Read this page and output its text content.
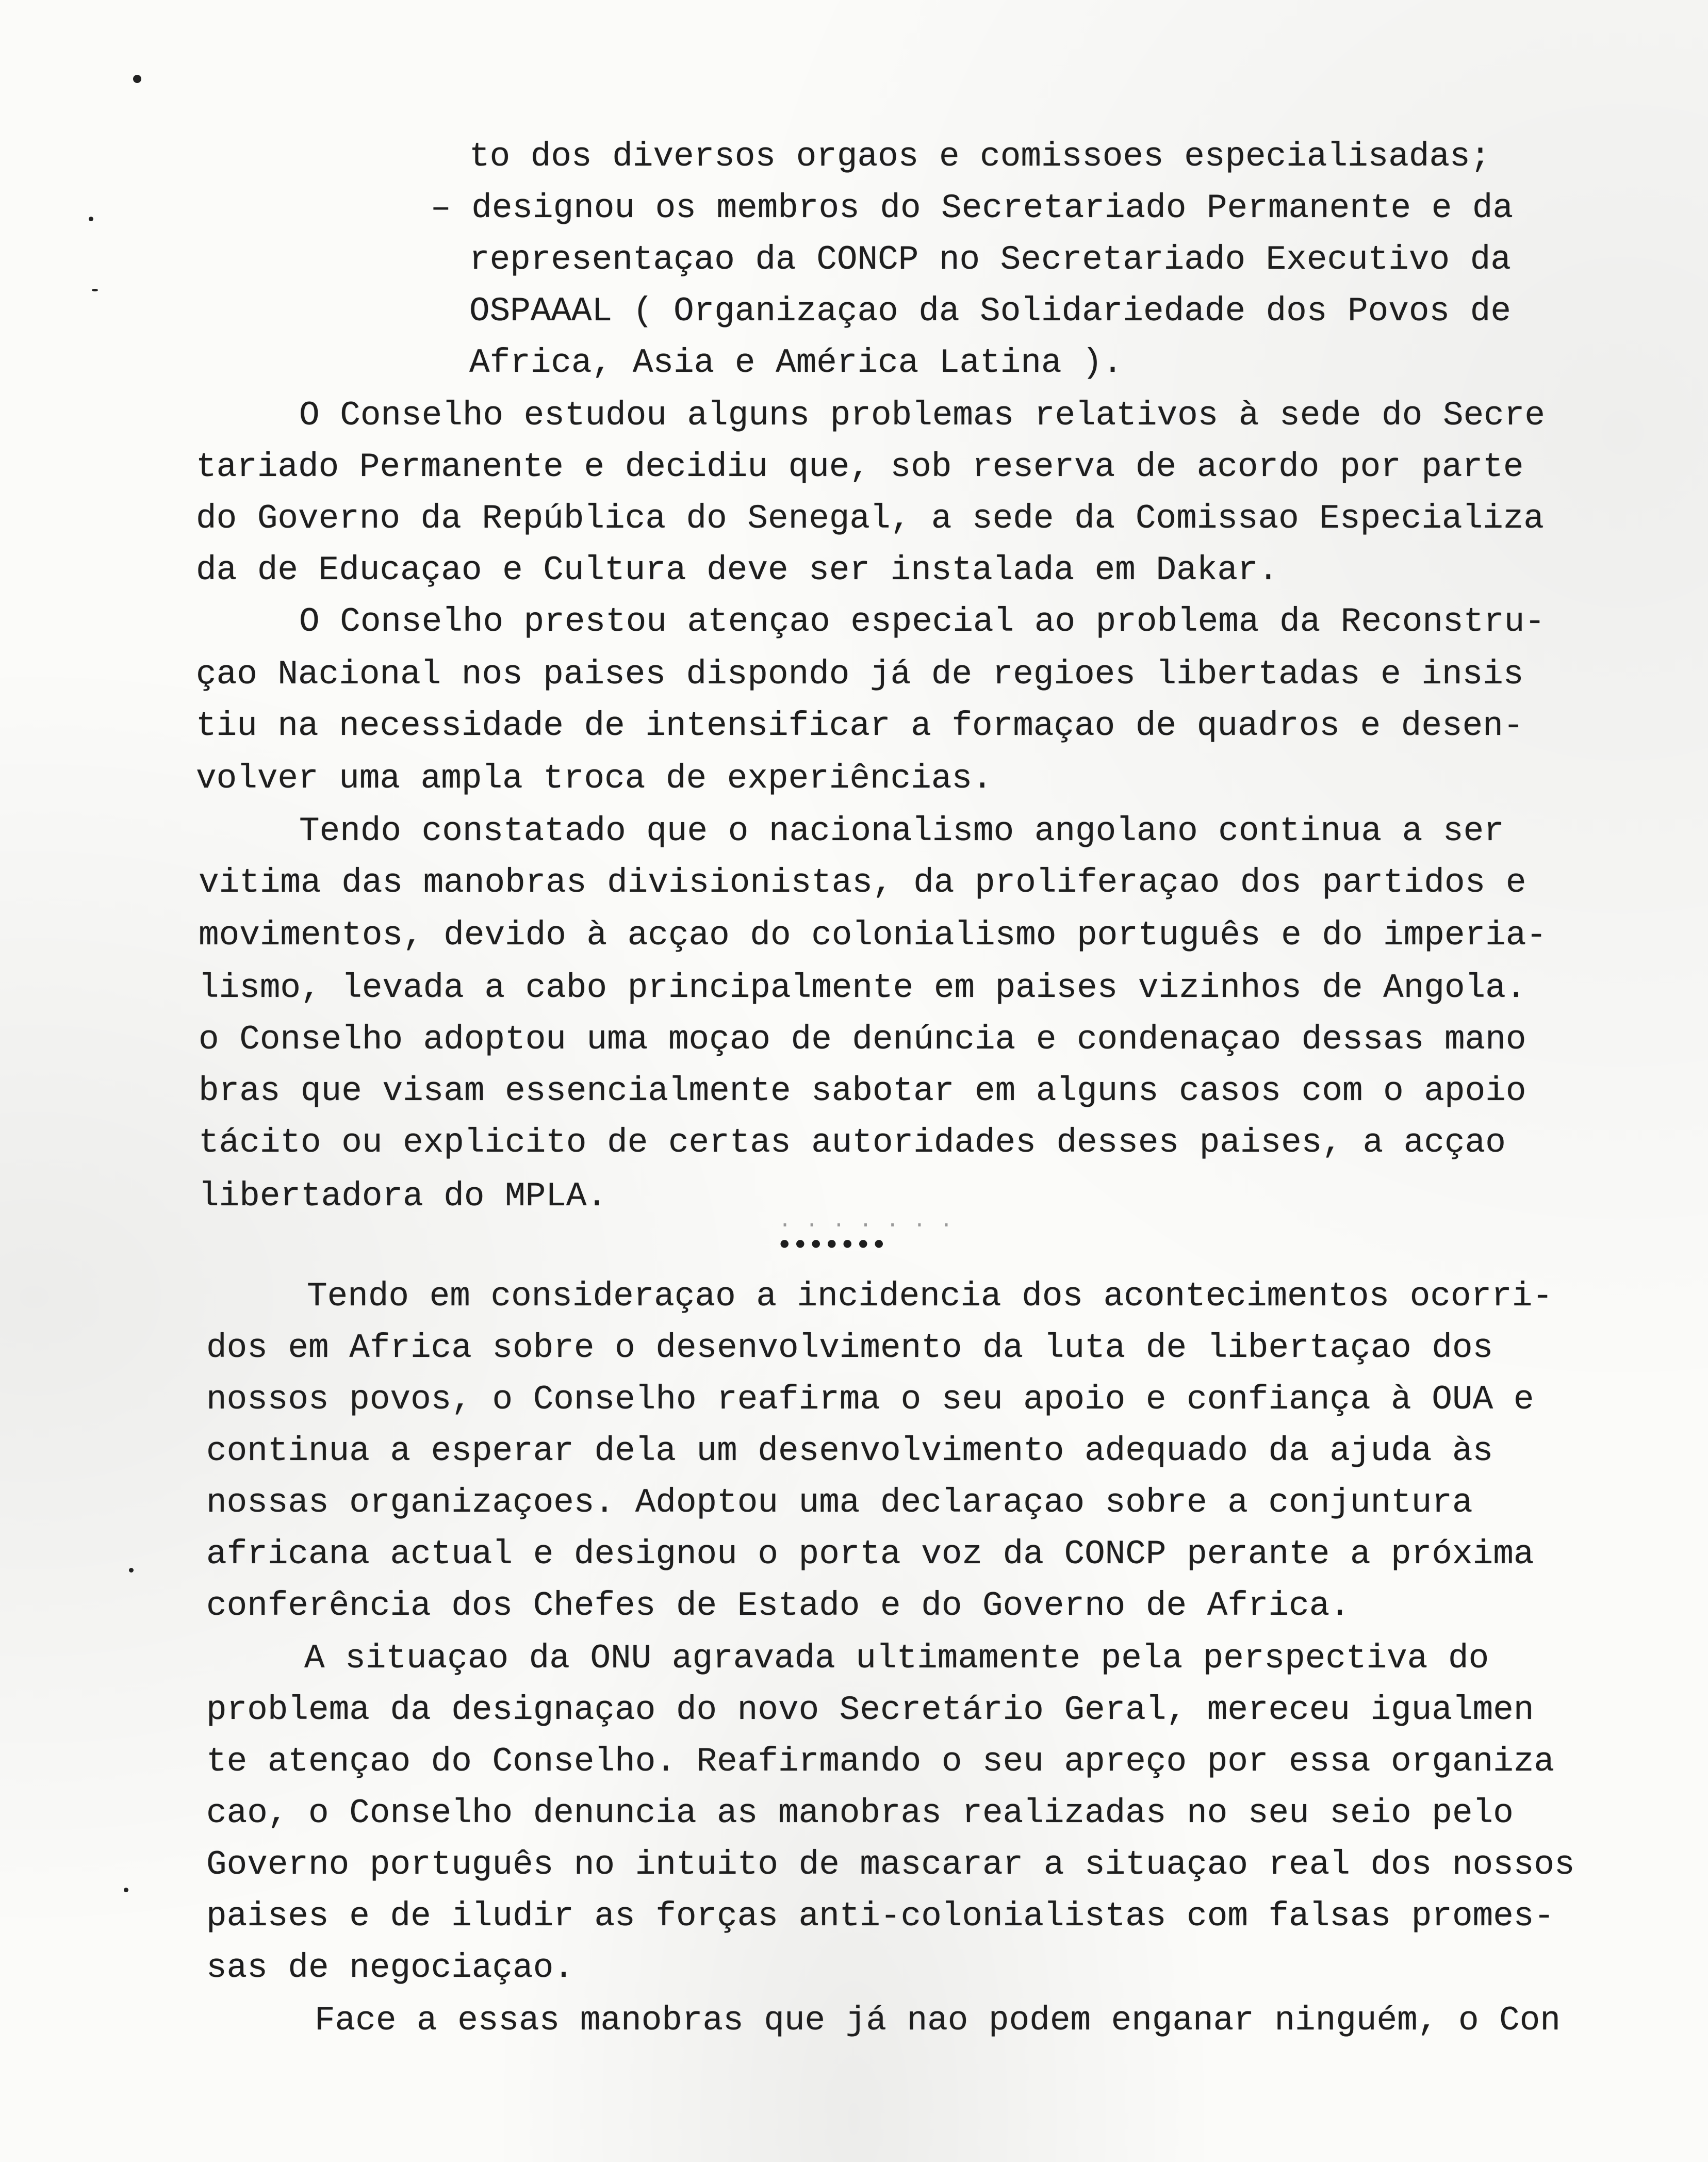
to dos diversos orgaos e comissoes especialisadas;
– designou os membros do Secretariado Permanente e da
representaçao da CONCP no Secretariado Executivo da
OSPAAAL ( Organizaçao da Solidariedade dos Povos de
Africa, Asia e América Latina ).
O Conselho estudou alguns problemas relativos à sede do Secre
tariado Permanente e decidiu que, sob reserva de acordo por parte
do Governo da República do Senegal, a sede da Comissao Especializa
da de Educaçao e Cultura deve ser instalada em Dakar.
O Conselho prestou atençao especial ao problema da Reconstru-
çao Nacional nos paises dispondo já de regioes libertadas e insis
tiu na necessidade de intensificar a formaçao de quadros e desen-
volver uma ampla troca de experiências.
Tendo constatado que o nacionalismo angolano continua a ser
vitima das manobras divisionistas, da proliferaçao dos partidos e
movimentos, devido à acçao do colonialismo português e do imperia-
lismo, levada a cabo principalmente em paises vizinhos de Angola.
o Conselho adoptou uma moçao de denúncia e condenaçao dessas mano
bras que visam essencialmente sabotar em alguns casos com o apoio
tácito ou explicito de certas autoridades desses paises, a acçao
libertadora do MPLA.
. . . . . . .
•••••••
Tendo em consideraçao a incidencia dos acontecimentos ocorri-
dos em Africa sobre o desenvolvimento da luta de libertaçao dos
nossos povos, o Conselho reafirma o seu apoio e confiança à OUA e
continua a esperar dela um desenvolvimento adequado da ajuda às
nossas organizaçoes. Adoptou uma declaraçao sobre a conjuntura
africana actual e designou o porta voz da CONCP perante a próxima
conferência dos Chefes de Estado e do Governo de Africa.
A situaçao da ONU agravada ultimamente pela perspectiva do
problema da designaçao do novo Secretário Geral, mereceu igualmen
te atençao do Conselho. Reafirmando o seu apreço por essa organiza
cao, o Conselho denuncia as manobras realizadas no seu seio pelo
Governo português no intuito de mascarar a situaçao real dos nossos
paises e de iludir as forças anti-colonialistas com falsas promes-
sas de negociaçao.
Face a essas manobras que já nao podem enganar ninguém, o Con
